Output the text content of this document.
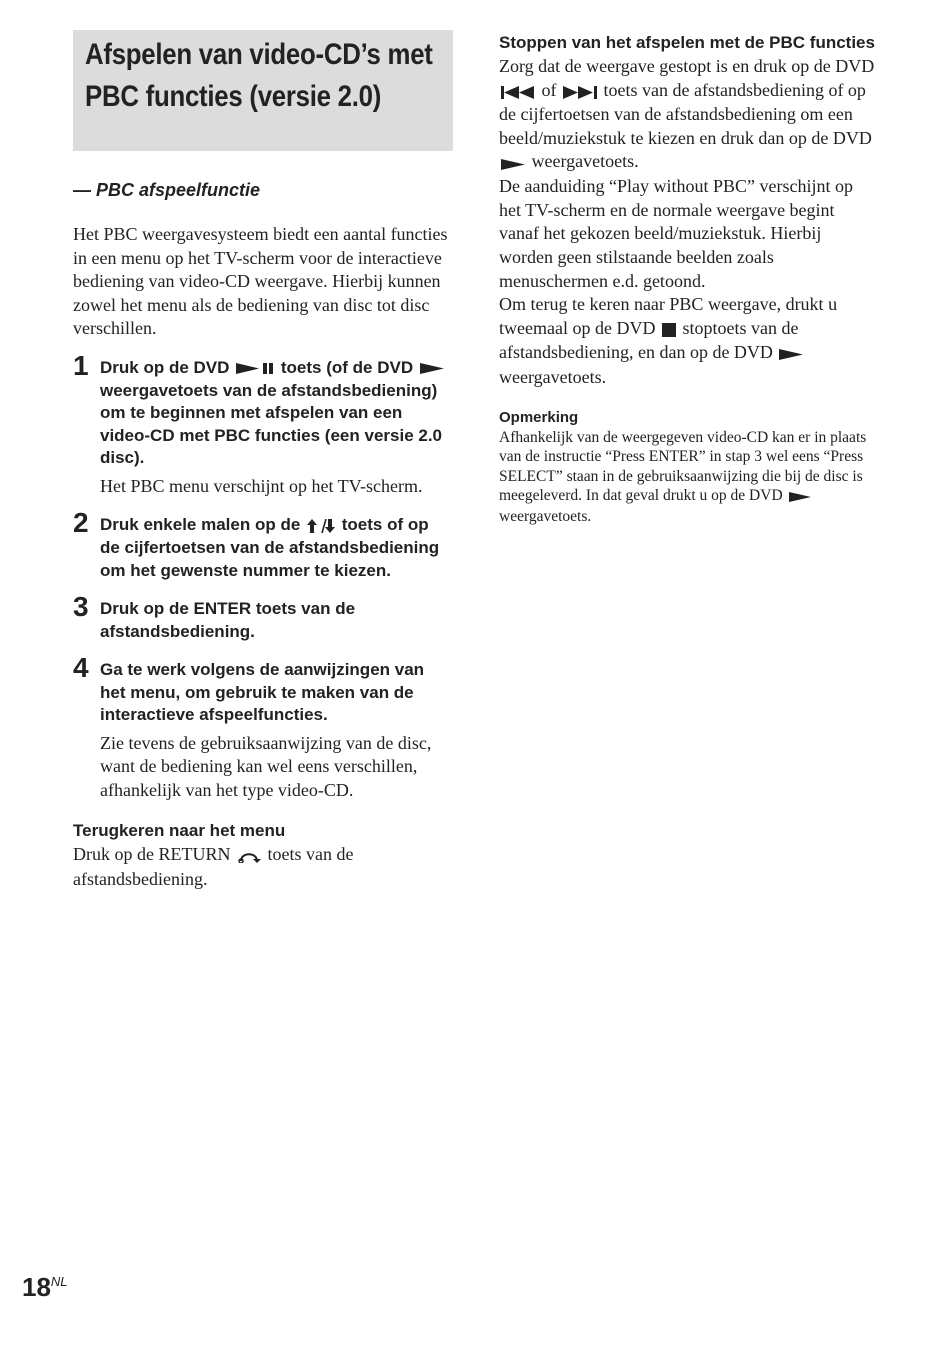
Afspelen van video-CD’s met PBC functies (versie 2.0)
— PBC afspeelfunctie
Het PBC weergavesysteem biedt een aantal functies in een menu op het TV-scherm voor de interactieve bediening van video-CD weergave. Hierbij kunnen zowel het menu als de bediening van disc tot disc verschillen.
1 Druk op de DVD	toets (of de DVD  weergavetoets van de afstandsbediening) om te beginnen met afspelen van een video-CD met PBC functies (een versie 2.0 disc).
Het PBC menu verschijnt op het TV-scherm.
2 Druk enkele malen op de toets of op de cijfertoetsen van de afstandsbediening om het gewenste nummer te kiezen.
3 Druk op de ENTER toets van de afstandsbediening.
4 Ga te werk volgens de aanwijzingen van het menu, om gebruik te maken van de interactieve afspeelfuncties.
Zie tevens de gebruiksaanwijzing van de disc, want de bediening kan wel eens verschillen, afhankelijk van het type video-CD.
Terugkeren naar het menu
Druk op de RETURN toets van de afstandsbediening.
Stoppen van het afspelen met de PBC functies
Zorg dat de weergave gestopt is en druk op de DVD  of	toets van de afstandsbediening of op de cijfertoetsen van de afstandsbediening om een beeld/muziekstuk te kiezen en druk dan op de DVD  weergavetoets.
De aanduiding “Play without PBC” verschijnt op het TV-scherm en de normale weergave begint vanaf het gekozen beeld/muziekstuk. Hierbij worden geen stilstaande beelden zoals menuschermen e.d. getoond.
Om terug te keren naar PBC weergave, drukt u tweemaal op de DVD stoptoets van de afstandsbediening, en dan op de DVD  weergavetoets.
Opmerking
Afhankelijk van de weergegeven video-CD kan er in plaats van de instructie “Press ENTER” in stap 3 wel eens “Press SELECT” staan in de gebruiksaanwijzing die bij de disc is meegeleverd. In dat geval drukt u op de DVD  weergavetoets.
$18^{NL}$
